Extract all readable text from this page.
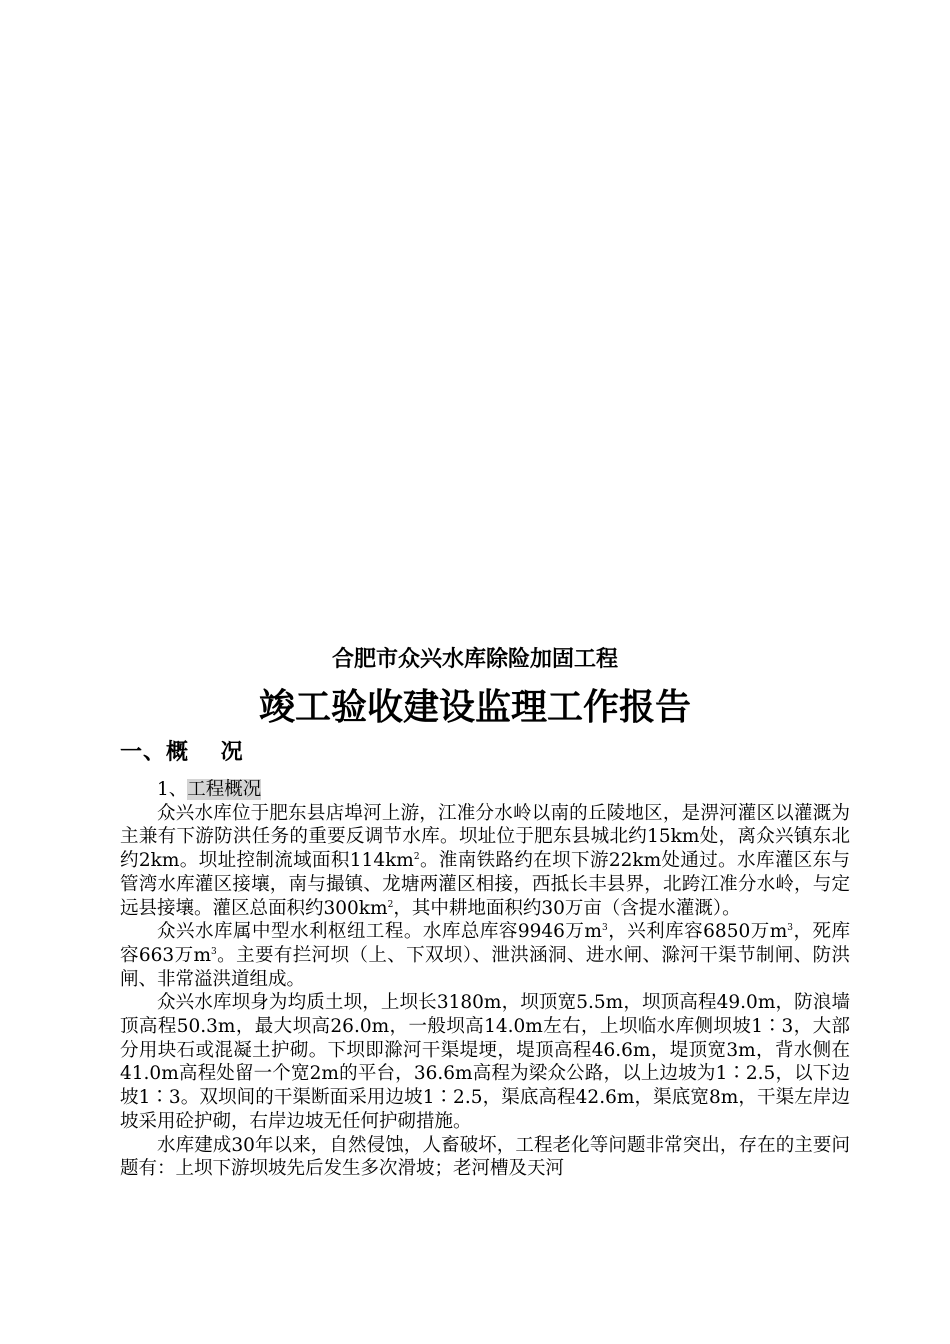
合肥市众兴水库除险加固工程
竣工验收建设监理工作报告
一、概　 况

1、工程概况

众兴水库位于肥东县店埠河上游，江准分水岭以南的丘陵地区，是淠河灌区以灌溉为主兼有下游防洪任务的重要反调节水库。坝址位于肥东县城北约15km处，离众兴镇东北约2km。坝址控制流域面积$114km^2$。淮南铁路约在坝下游22km处通过。水库灌区东与管湾水库灌区接壤，南与撮镇、龙塘两灌区相接，西抵长丰县界，北跨江准分水岭，与定远县接壤。灌区总面积约$300km^2$，其中耕地面积约30万亩（含提水灌溉）。

众兴水库属中型水利枢纽工程。水库总库容9946万$m^3$，兴利库容6850万$m^3$，死库容663万$m^3$。主要有拦河坝（上、下双坝）、泄洪涵洞、进水闸、滁河干渠节制闸、防洪闸、非常溢洪道组成。

众兴水库坝身为均质土坝，上坝长3180m，坝顶宽5.5m，坝顶高程49.0m，防浪墙顶高程50.3m，最大坝高26.0m，一般坝高14.0m左右，上坝临水库侧坝坡1∶3，大部分用块石或混凝土护砌。下坝即滁河干渠堤埂，堤顶高程46.6m，堤顶宽3m，背水侧在41.0m高程处留一个宽2m的平台，36.6m高程为梁众公路，以上边坡为1∶2.5，以下边坡1∶3。双坝间的干渠断面采用边坡1∶2.5，渠底高程42.6m，渠底宽8m，干渠左岸边坡采用砼护砌，右岸边坡无任何护砌措施。

水库建成30年以来，自然侵蚀，人畜破坏，工程老化等问题非常突出，存在的主要问题有：上坝下游坝坡先后发生多次滑坡；老河槽及天河
